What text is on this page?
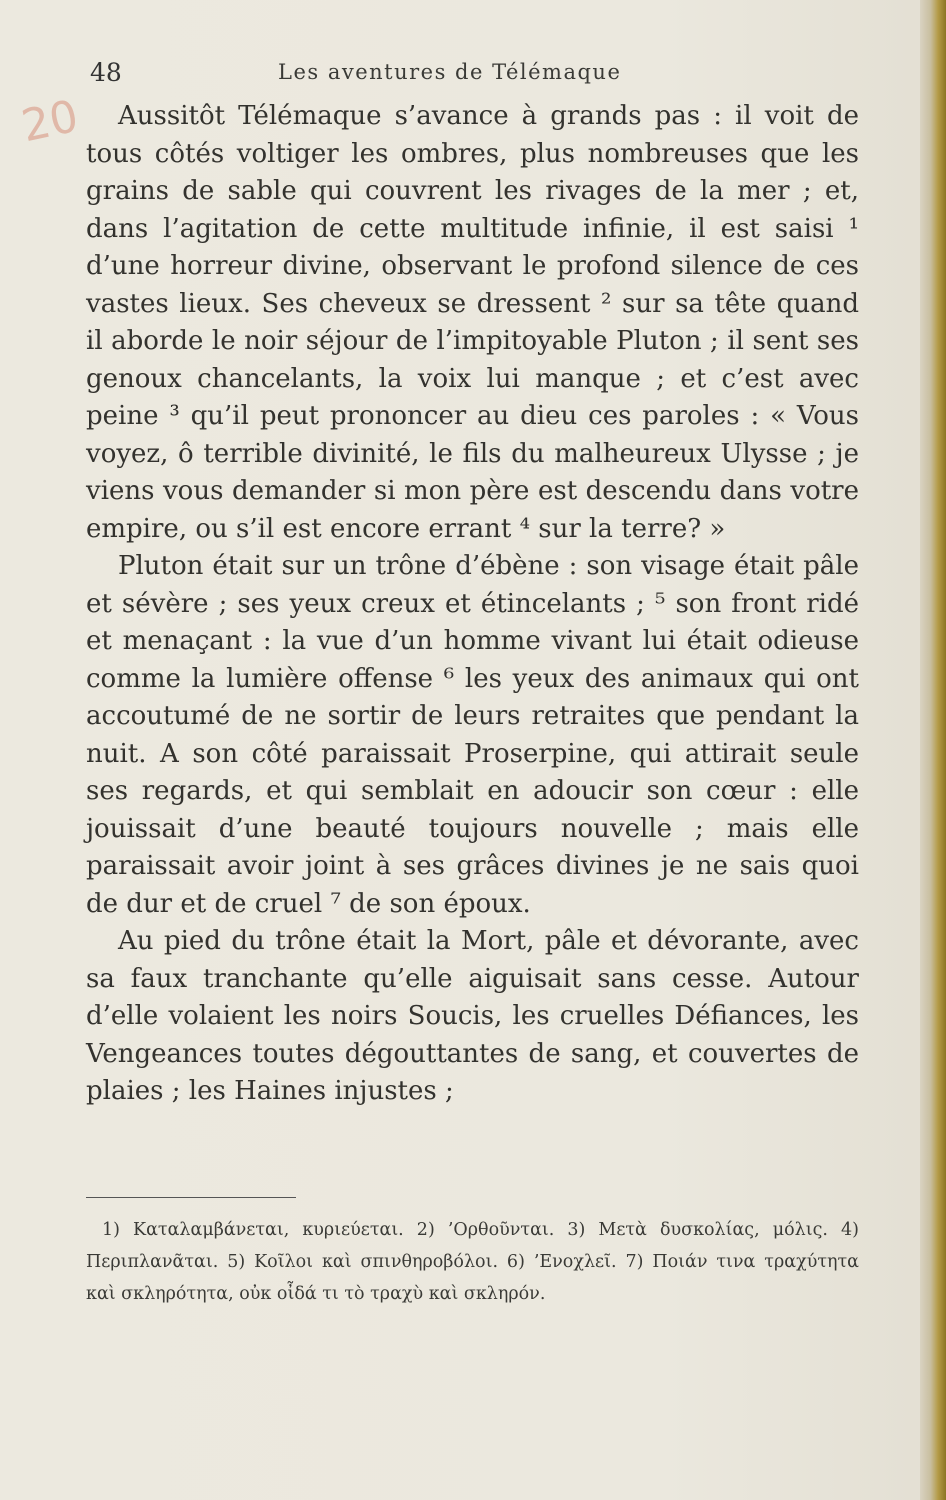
20
48	Les aventures de Télémaque

Aussitôt Télémaque s’avance à grands pas : il voit de tous côtés voltiger les ombres, plus nombreuses que les grains de sable qui couvrent les rivages de la mer ; et, dans l’agitation de cette multitude infinie, il est saisi ¹ d’une horreur divine, observant le profond silence de ces vastes lieux. Ses cheveux se dressent ² sur sa tête quand il aborde le noir séjour de l’impitoyable Pluton ; il sent ses genoux chancelants, la voix lui manque ; et c’est avec peine ³ qu’il peut prononcer au dieu ces paroles : « Vous voyez, ô terrible divinité, le fils du malheureux Ulysse ; je viens vous demander si mon père est descendu dans votre empire, ou s’il est encore errant ⁴ sur la terre? »

Pluton était sur un trône d’ébène : son visage était pâle et sévère ; ses yeux creux et étincelants ; ⁵ son front ridé et menaçant : la vue d’un homme vivant lui était odieuse comme la lumière offense ⁶ les yeux des animaux qui ont accoutumé de ne sortir de leurs retraites que pendant la nuit. A son côté paraissait Proserpine, qui attirait seule ses regards, et qui semblait en adoucir son cœur : elle jouissait d’une beauté toujours nouvelle ; mais elle paraissait avoir joint à ses grâces divines je ne sais quoi de dur et de cruel ⁷ de son époux.

Au pied du trône était la Mort, pâle et dévorante, avec sa faux tranchante qu’elle aiguisait sans cesse. Autour d’elle volaient les noirs Soucis, les cruelles Défiances, les Vengeances toutes dégouttantes de sang, et couvertes de plaies ; les Haines injustes ;

1) Καταλαμβάνεται, κυριεύεται. 2) ’Ορθοῦνται. 3) Μετὰ δυσκολίας, μόλις. 4) Περιπλανᾶται. 5) Κοῖλοι καὶ σπινθηροβόλοι. 6) ’Ενοχλεῖ. 7) Ποιάν τινα τραχύτητα καὶ σκληρότητα, οὐκ οἶδά τι τὸ τραχὺ καὶ σκληρόν.
